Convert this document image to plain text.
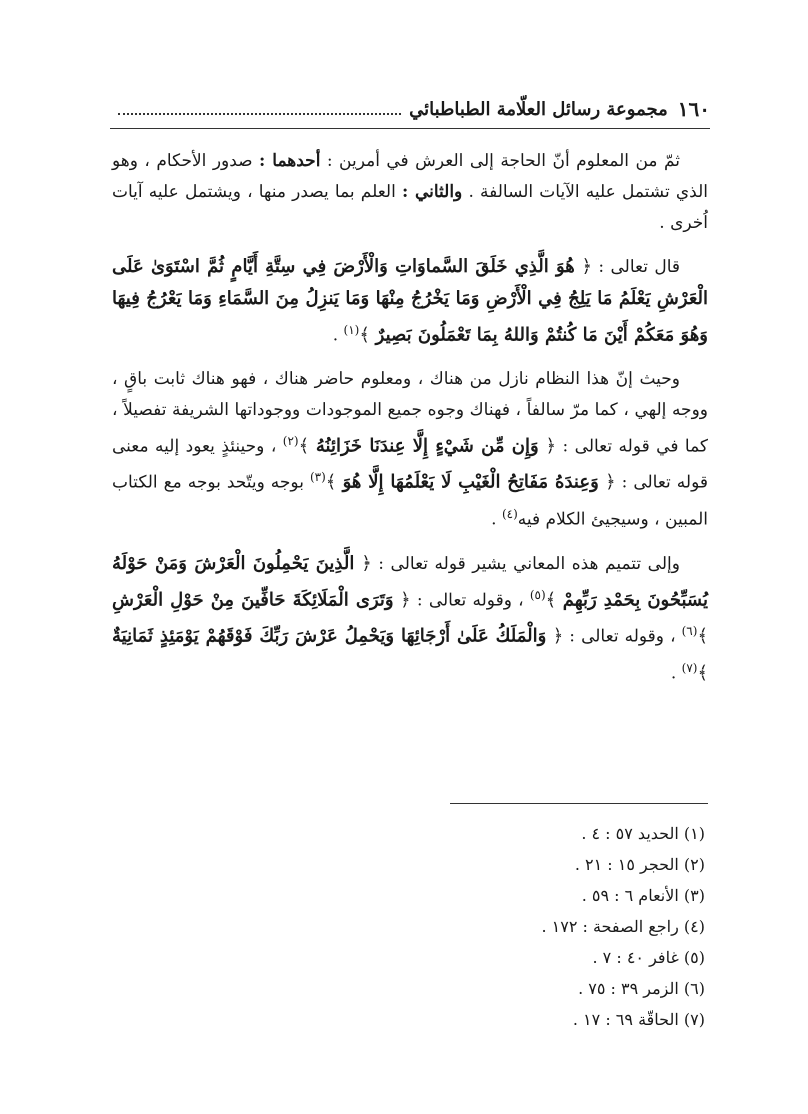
١٦٠
مجموعة رسائل العلّامة الطباطبائي

ثمّ من المعلوم أنّ الحاجة إلى العرش في أمرين : أحدهما : صدور الأحكام ، وهو الذي تشتمل عليه الآيات السالفة . والثاني : العلم بما يصدر منها ، ويشتمل عليه آيات اُخرى .

قال تعالى : ﴿ هُوَ الَّذِي خَلَقَ السَّماوَاتِ وَالْأَرْضَ فِي سِتَّةِ أَيَّامٍ ثُمَّ اسْتَوَىٰ عَلَى الْعَرْشِ يَعْلَمُ مَا يَلِجُ فِي الْأَرْضِ وَمَا يَخْرُجُ مِنْهَا وَمَا يَنزِلُ مِنَ السَّمَاءِ وَمَا يَعْرُجُ فِيهَا وَهُوَ مَعَكُمْ أَيْنَ مَا كُنتُمْ وَاللهُ بِمَا تَعْمَلُونَ بَصِيرٌ ﴾$^{(١)}$ .

وحيث إنّ هذا النظام نازل من هناك ، ومعلوم حاضر هناك ، فهو هناك ثابت باقٍ ، ووجه إلهي ، كما مرّ سالفاً ، فهناك وجوه جميع الموجودات ووجوداتها الشريفة تفصيلاً ، كما في قوله تعالى : ﴿ وَإِن مِّن شَيْءٍ إِلَّا عِندَنَا خَزَائِنُهُ ﴾$^{(٢)}$ ، وحينئذٍ يعود إليه معنى قوله تعالى : ﴿ وَعِندَهُ مَفَاتِحُ الْغَيْبِ لَا يَعْلَمُهَا إِلَّا هُوَ ﴾$^{(٣)}$ بوجه ويتّحد بوجه مع الكتاب المبين ، وسيجيئ الكلام فيه$^{(٤)}$ .

وإلى تتميم هذه المعاني يشير قوله تعالى : ﴿ الَّذِينَ يَحْمِلُونَ الْعَرْشَ وَمَنْ حَوْلَهُ يُسَبِّحُونَ بِحَمْدِ رَبِّهِمْ ﴾$^{(٥)}$ ، وقوله تعالى : ﴿ وَتَرَى الْمَلَائِكَةَ حَافِّينَ مِنْ حَوْلِ الْعَرْشِ ﴾$^{(٦)}$ ، وقوله تعالى : ﴿ وَالْمَلَكُ عَلَىٰ أَرْجَائِهَا وَيَحْمِلُ عَرْشَ رَبِّكَ فَوْقَهُمْ يَوْمَئِذٍ ثَمَانِيَةٌ ﴾$^{(٧)}$ .

(١) الحديد ٥٧ : ٤ .
(٢) الحجر ١٥ : ٢١ .
(٣) الأنعام ٦ : ٥٩ .
(٤) راجع الصفحة : ١٧٢ .
(٥) غافر ٤٠ : ٧ .
(٦) الزمر ٣٩ : ٧٥ .
(٧) الحاقّة ٦٩ : ١٧ .
